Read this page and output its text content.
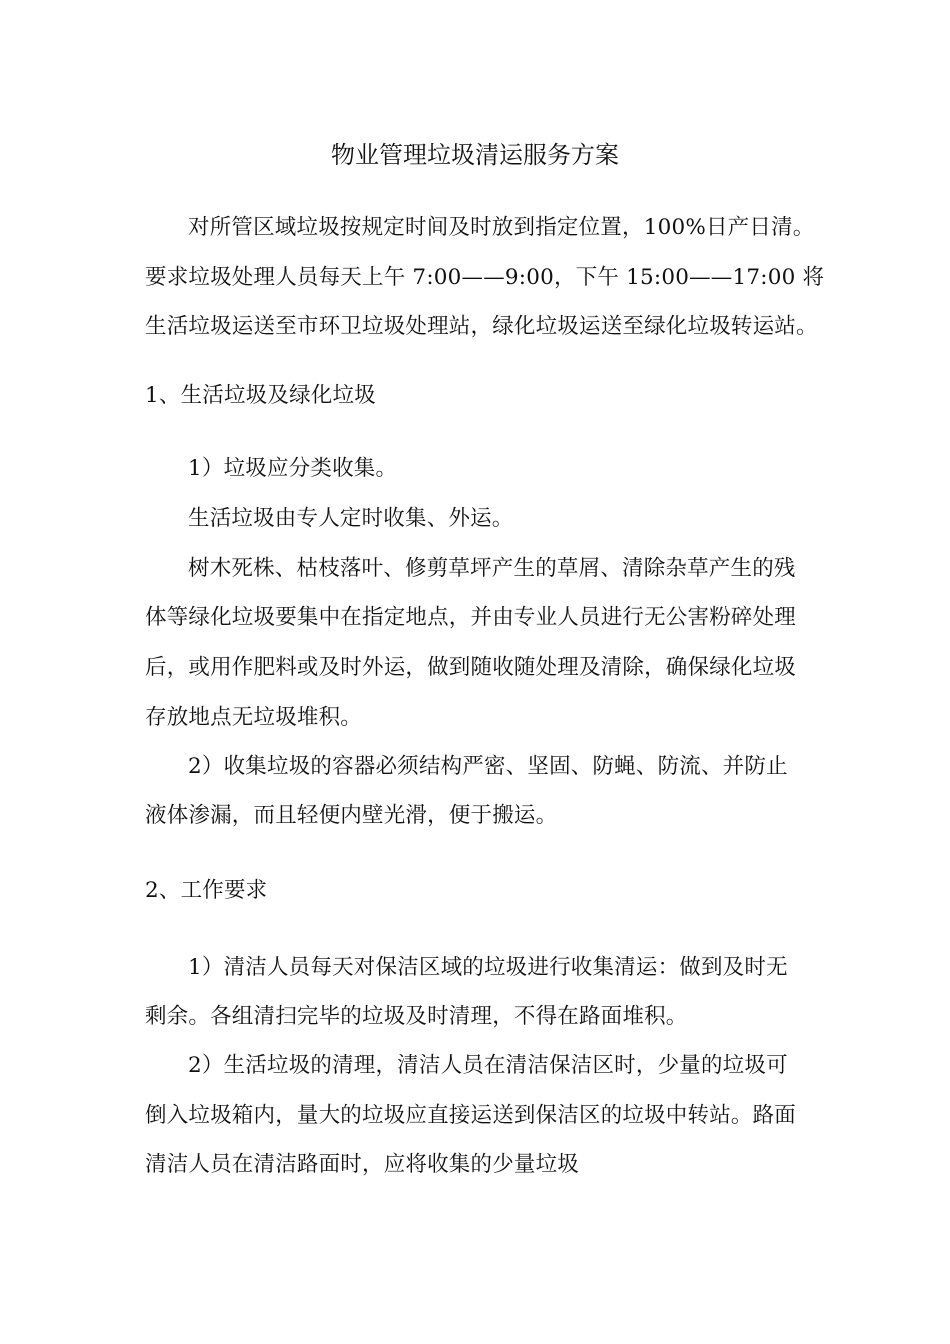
物业管理垃圾清运服务方案
对所管区域垃圾按规定时间及时放到指定位置，100%日产日清。
要求垃圾处理人员每天上午 7:00——9:00，下午 15:00——17:00 将
生活垃圾运送至市环卫垃圾处理站，绿化垃圾运送至绿化垃圾转运站。
1、生活垃圾及绿化垃圾
1）垃圾应分类收集。
生活垃圾由专人定时收集、外运。
树木死株、枯枝落叶、修剪草坪产生的草屑、清除杂草产生的残
体等绿化垃圾要集中在指定地点，并由专业人员进行无公害粉碎处理
后，或用作肥料或及时外运，做到随收随处理及清除，确保绿化垃圾
存放地点无垃圾堆积。
2）收集垃圾的容器必须结构严密、坚固、防蝇、防流、并防止
液体渗漏，而且轻便内壁光滑，便于搬运。
2、工作要求
1）清洁人员每天对保洁区域的垃圾进行收集清运：做到及时无
剩余。各组清扫完毕的垃圾及时清理，不得在路面堆积。
2）生活垃圾的清理，清洁人员在清洁保洁区时，少量的垃圾可
倒入垃圾箱内，量大的垃圾应直接运送到保洁区的垃圾中转站。路面
清洁人员在清洁路面时，应将收集的少量垃圾
